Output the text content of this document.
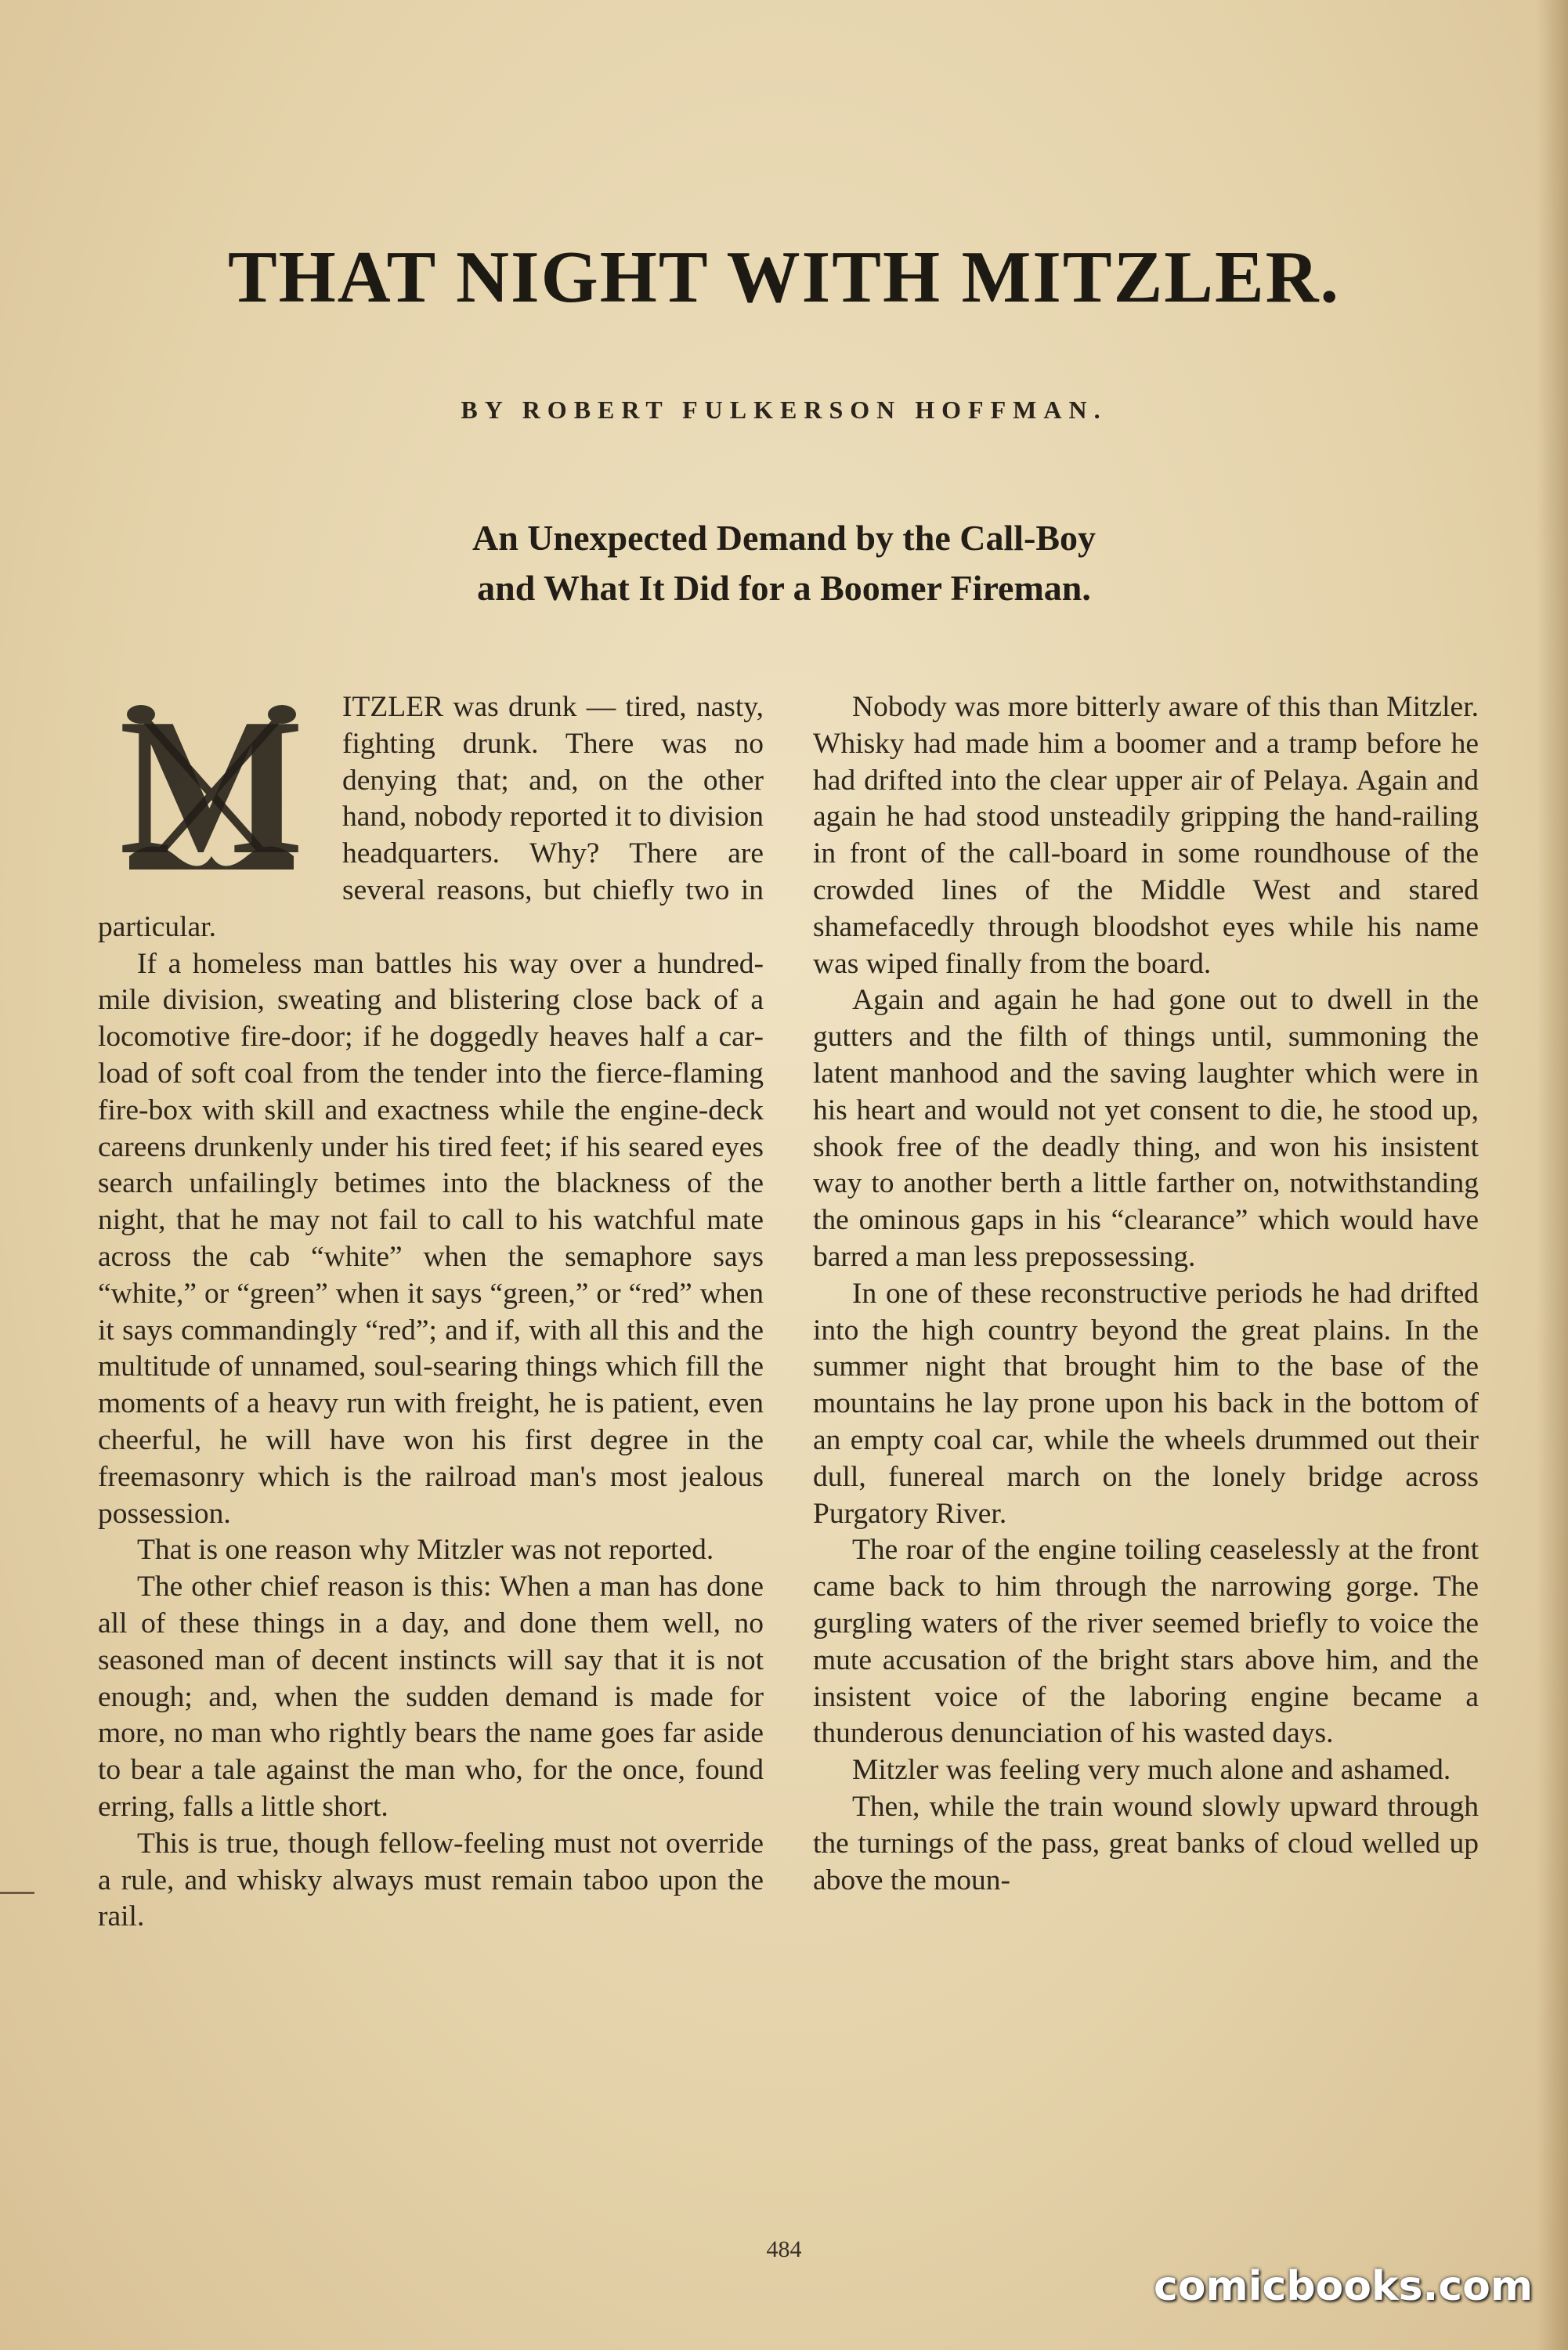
THAT NIGHT WITH MITZLER.
BY ROBERT FULKERSON HOFFMAN.
An Unexpected Demand by the Call-Boy
and What It Did for a Boomer Fireman.
M	ITZLER was drunk — tired, nasty, fighting drunk. There was no denying that; and, on the other hand, nobody reported it to division headquarters. Why? There are several reasons, but chiefly two in particular.

If a homeless man battles his way over a hundred-mile division, sweating and blistering close back of a locomotive fire-door; if he doggedly heaves half a car-load of soft coal from the tender into the fierce-flaming fire-box with skill and exactness while the engine-deck careens drunkenly under his tired feet; if his seared eyes search unfailingly betimes into the blackness of the night, that he may not fail to call to his watchful mate across the cab “white” when the semaphore says “white,” or “green” when it says “green,” or “red” when it says commandingly “red”; and if, with all this and the multitude of unnamed, soul-searing things which fill the moments of a heavy run with freight, he is patient, even cheerful, he will have won his first degree in the freemasonry which is the railroad man's most jealous possession.

That is one reason why Mitzler was not reported.

The other chief reason is this: When a man has done all of these things in a day, and done them well, no seasoned man of decent instincts will say that it is not enough; and, when the sudden demand is made for more, no man who rightly bears the name goes far aside to bear a tale against the man who, for the once, found erring, falls a little short.

This is true, though fellow-feeling must not override a rule, and whisky always must remain taboo upon the rail.

Nobody was more bitterly aware of this than Mitzler. Whisky had made him a boomer and a tramp before he had drifted into the clear upper air of Pelaya. Again and again he had stood unsteadily gripping the hand-railing in front of the call-board in some roundhouse of the crowded lines of the Middle West and stared shamefacedly through bloodshot eyes while his name was wiped finally from the board.

Again and again he had gone out to dwell in the gutters and the filth of things until, summoning the latent manhood and the saving laughter which were in his heart and would not yet consent to die, he stood up, shook free of the deadly thing, and won his insistent way to another berth a little farther on, notwithstanding the ominous gaps in his “clearance” which would have barred a man less prepossessing.

In one of these reconstructive periods he had drifted into the high country beyond the great plains. In the summer night that brought him to the base of the mountains he lay prone upon his back in the bottom of an empty coal car, while the wheels drummed out their dull, funereal march on the lonely bridge across Purgatory River.

The roar of the engine toiling ceaselessly at the front came back to him through the narrowing gorge. The gurgling waters of the river seemed briefly to voice the mute accusation of the bright stars above him, and the insistent voice of the laboring engine became a thunderous denunciation of his wasted days.

Mitzler was feeling very much alone and ashamed.

Then, while the train wound slowly upward through the turnings of the pass, great banks of cloud welled up above the moun-

484
comicbooks.com
